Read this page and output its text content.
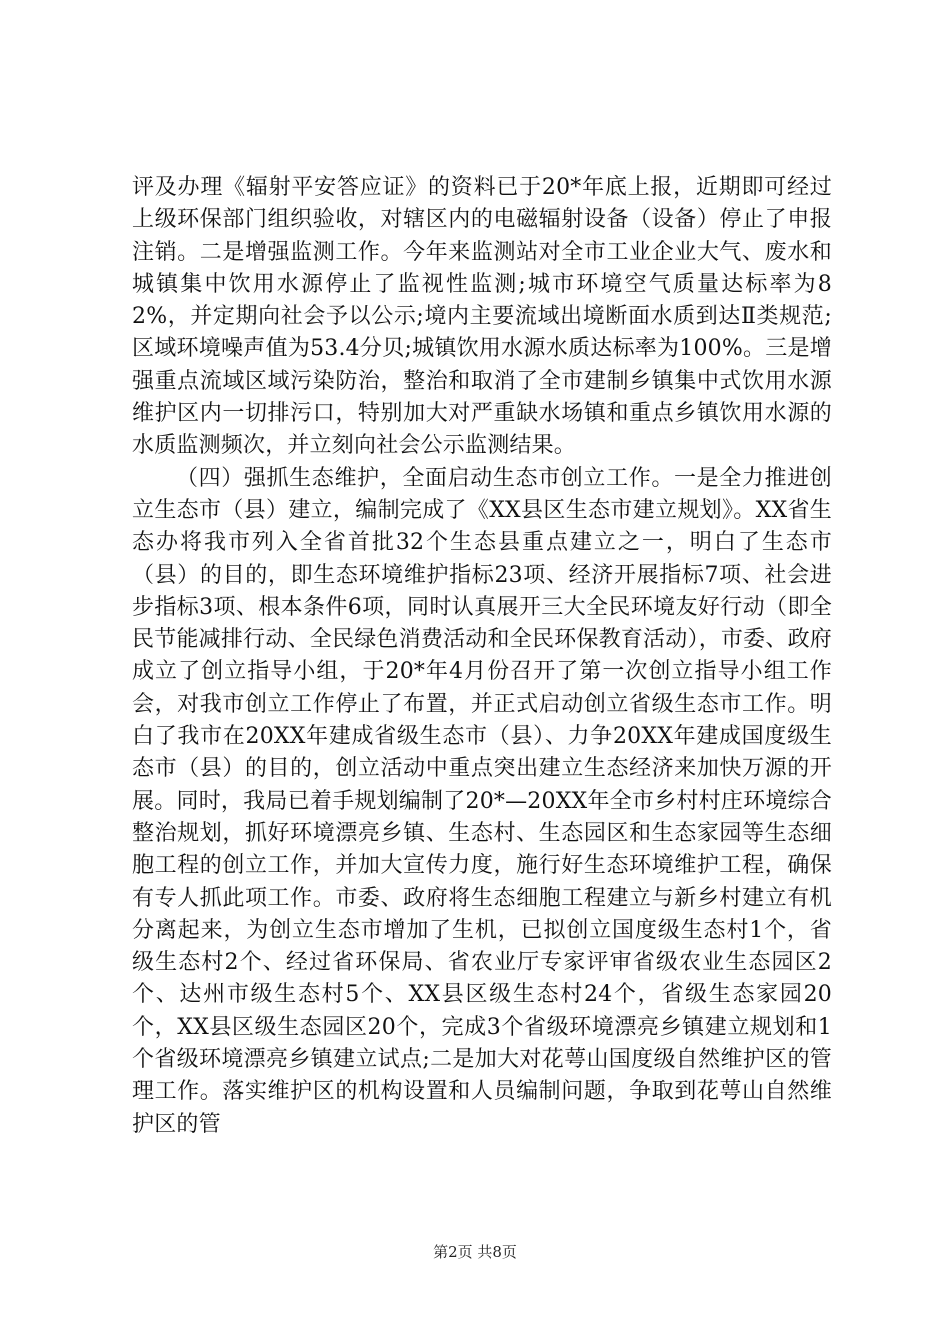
评及办理《辐射平安答应证》的资料已于20*年底上报，近期即可经过上级环保部门组织验收，对辖区内的电磁辐射设备（设备）停止了申报注销。二是增强监测工作。今年来监测站对全市工业企业大气、废水和城镇集中饮用水源停止了监视性监测;城市环境空气质量达标率为82%，并定期向社会予以公示;境内主要流域出境断面水质到达Ⅱ类规范;区域环境噪声值为53.4分贝;城镇饮用水源水质达标率为100%。三是增强重点流域区域污染防治，整治和取消了全市建制乡镇集中式饮用水源维护区内一切排污口，特别加大对严重缺水场镇和重点乡镇饮用水源的水质监测频次，并立刻向社会公示监测结果。

（四）强抓生态维护，全面启动生态市创立工作。一是全力推进创立生态市（县）建立，编制完成了《XX县区生态市建立规划》。XX省生态办将我市列入全省首批32个生态县重点建立之一，明白了生态市（县）的目的，即生态环境维护指标23项、经济开展指标7项、社会进步指标3项、根本条件6项，同时认真展开三大全民环境友好行动（即全民节能减排行动、全民绿色消费活动和全民环保教育活动），市委、政府成立了创立指导小组，于20*年4月份召开了第一次创立指导小组工作会，对我市创立工作停止了布置，并正式启动创立省级生态市工作。明白了我市在20XX年建成省级生态市（县）、力争20XX年建成国度级生态市（县）的目的，创立活动中重点突出建立生态经济来加快万源的开展。同时，我局已着手规划编制了20*—20XX年全市乡村村庄环境综合整治规划，抓好环境漂亮乡镇、生态村、生态园区和生态家园等生态细胞工程的创立工作，并加大宣传力度，施行好生态环境维护工程，确保有专人抓此项工作。市委、政府将生态细胞工程建立与新乡村建立有机分离起来，为创立生态市增加了生机，已拟创立国度级生态村1个，省级生态村2个、经过省环保局、省农业厅专家评审省级农业生态园区2个、达州市级生态村5个、XX县区级生态村24个，省级生态家园20个，XX县区级生态园区20个，完成3个省级环境漂亮乡镇建立规划和1个省级环境漂亮乡镇建立试点;二是加大对花萼山国度级自然维护区的管理工作。落实维护区的机构设置和人员编制问题，争取到花萼山自然维护区的管

第2页 共8页
